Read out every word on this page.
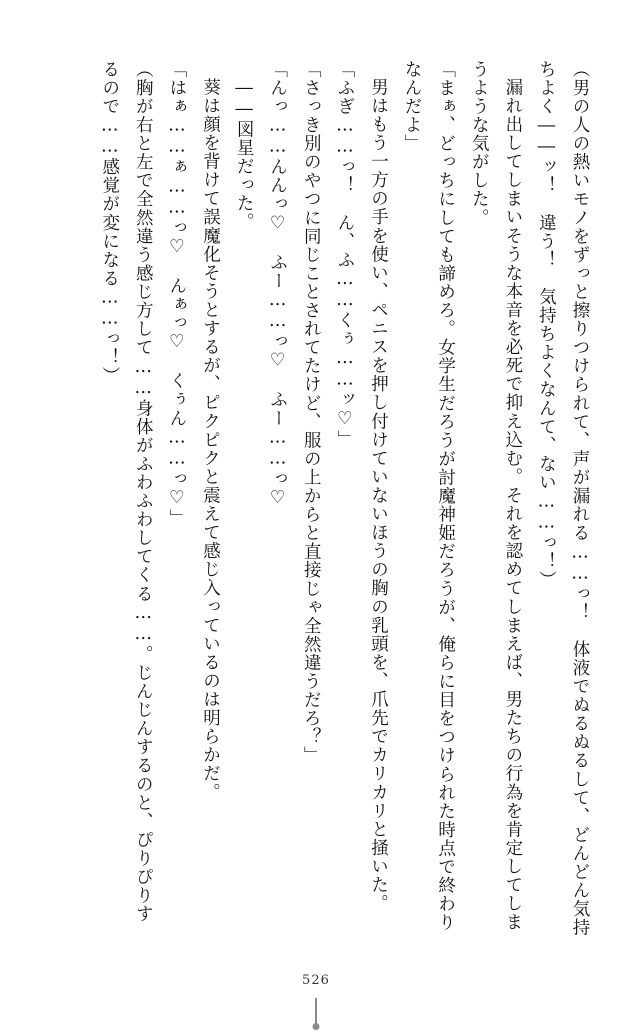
（男の人の熱いモノをずっと擦りつけられて、声が漏れる……っ！　体液でぬるぬるして、どんどん気持ちよく――ッ！　違う！　気持ちよくなんて、ない……っ！）

漏れ出してしまいそうな本音を必死で抑え込む。それを認めてしまえば、男たちの行為を肯定してしまうような気がした。

「まぁ、どっちにしても諦めろ。女学生だろうが討魔神姫だろうが、俺らに目をつけられた時点で終わりなんだよ」

男はもう一方の手を使い、ペニスを押し付けていないほうの胸の乳頭を、爪先でカリカリと掻いた。

「ふぎ……っ！　ん、ふ……くぅ……ッ♡」

「さっき別のやつに同じことされてたけど、服の上からと直接じゃ全然違うだろ？」

「んっ……んんっ♡　ふー……っ♡　ふー……っ♡

――図星だった。

葵は顔を背けて誤魔化そうとするが、ピクピクと震えて感じ入っているのは明らかだ。

「はぁ……ぁ……っ♡　んぁっ♡　くぅん……っ♡」

（胸が右と左で全然違う感じ方して……身体がふわふわしてくる……。じんじんするのと、ぴりぴりするので……感覚が変になる……っ！）

526
